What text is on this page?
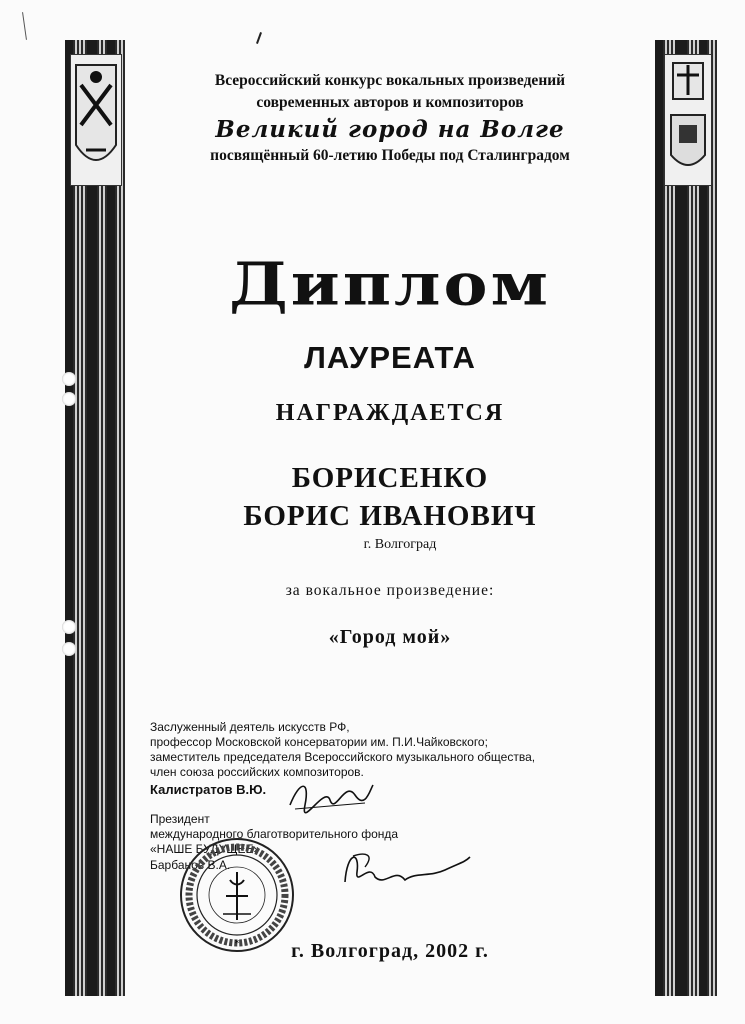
Всероссийский конкурс вокальных произведений
современных авторов и композиторов
Великий город на Волге
посвящённый 60-летию Победы под Сталинградом
Диплом
ЛАУРЕАТА
НАГРАЖДАЕТСЯ
БОРИСЕНКО
БОРИС ИВАНОВИЧ
г. Волгоград
за вокальное произведение:
«Город мой»
Заслуженный деятель искусств РФ,
профессор Московской консерватории им. П.И.Чайковского;
заместитель председателя Всероссийского музыкального общества,
член союза российских композиторов.
Калистратов В.Ю.
Президент
международного благотворительного фонда
«НАШЕ БУДУЩЕЕ»
Барбанов В.А.
*	г. Волгоград, 2002 г.
